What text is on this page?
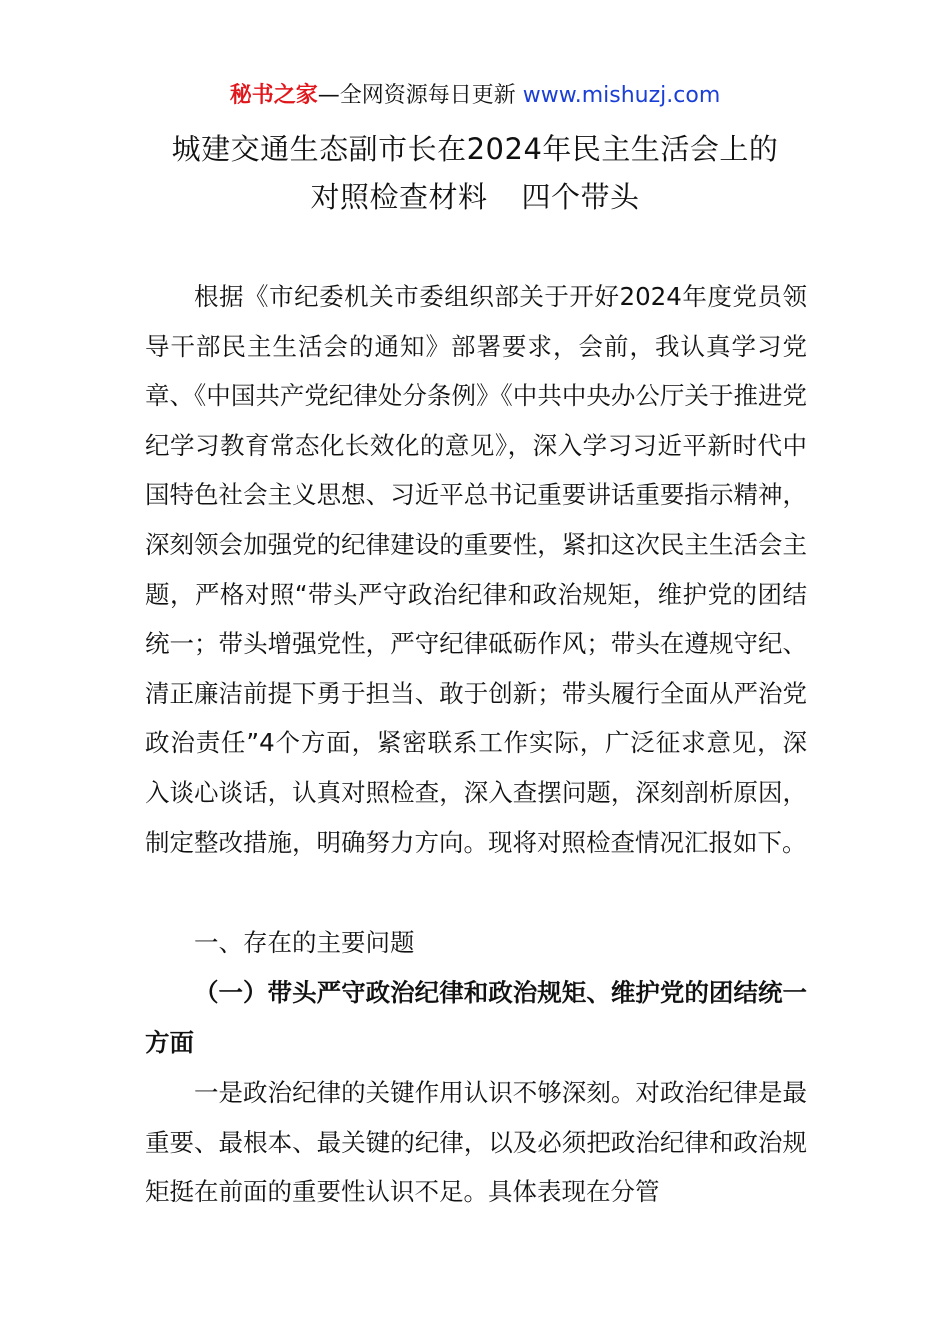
秘书之家—全网资源每日更新 www.mishuzj.com
城建交通生态副市长在2024年民主生活会上的
对照检查材料 四个带头
根据《市纪委机关市委组织部关于开好2024年度党员领导干部民主生活会的通知》部署要求，会前，我认真学习党章、《中国共产党纪律处分条例》《中共中央办公厅关于推进党纪学习教育常态化长效化的意见》，深入学习习近平新时代中国特色社会主义思想、习近平总书记重要讲话重要指示精神，深刻领会加强党的纪律建设的重要性，紧扣这次民主生活会主题，严格对照“带头严守政治纪律和政治规矩，维护党的团结统一；带头增强党性，严守纪律砥砺作风；带头在遵规守纪、清正廉洁前提下勇于担当、敢于创新；带头履行全面从严治党政治责任”4个方面，紧密联系工作实际，广泛征求意见，深入谈心谈话，认真对照检查，深入查摆问题，深刻剖析原因，制定整改措施，明确努力方向。现将对照检查情况汇报如下。
一、存在的主要问题
（一）带头严守政治纪律和政治规矩、维护党的团结统一方面
一是政治纪律的关键作用认识不够深刻。对政治纪律是最重要、最根本、最关键的纪律，以及必须把政治纪律和政治规矩挺在前面的重要性认识不足。具体表现在分管
